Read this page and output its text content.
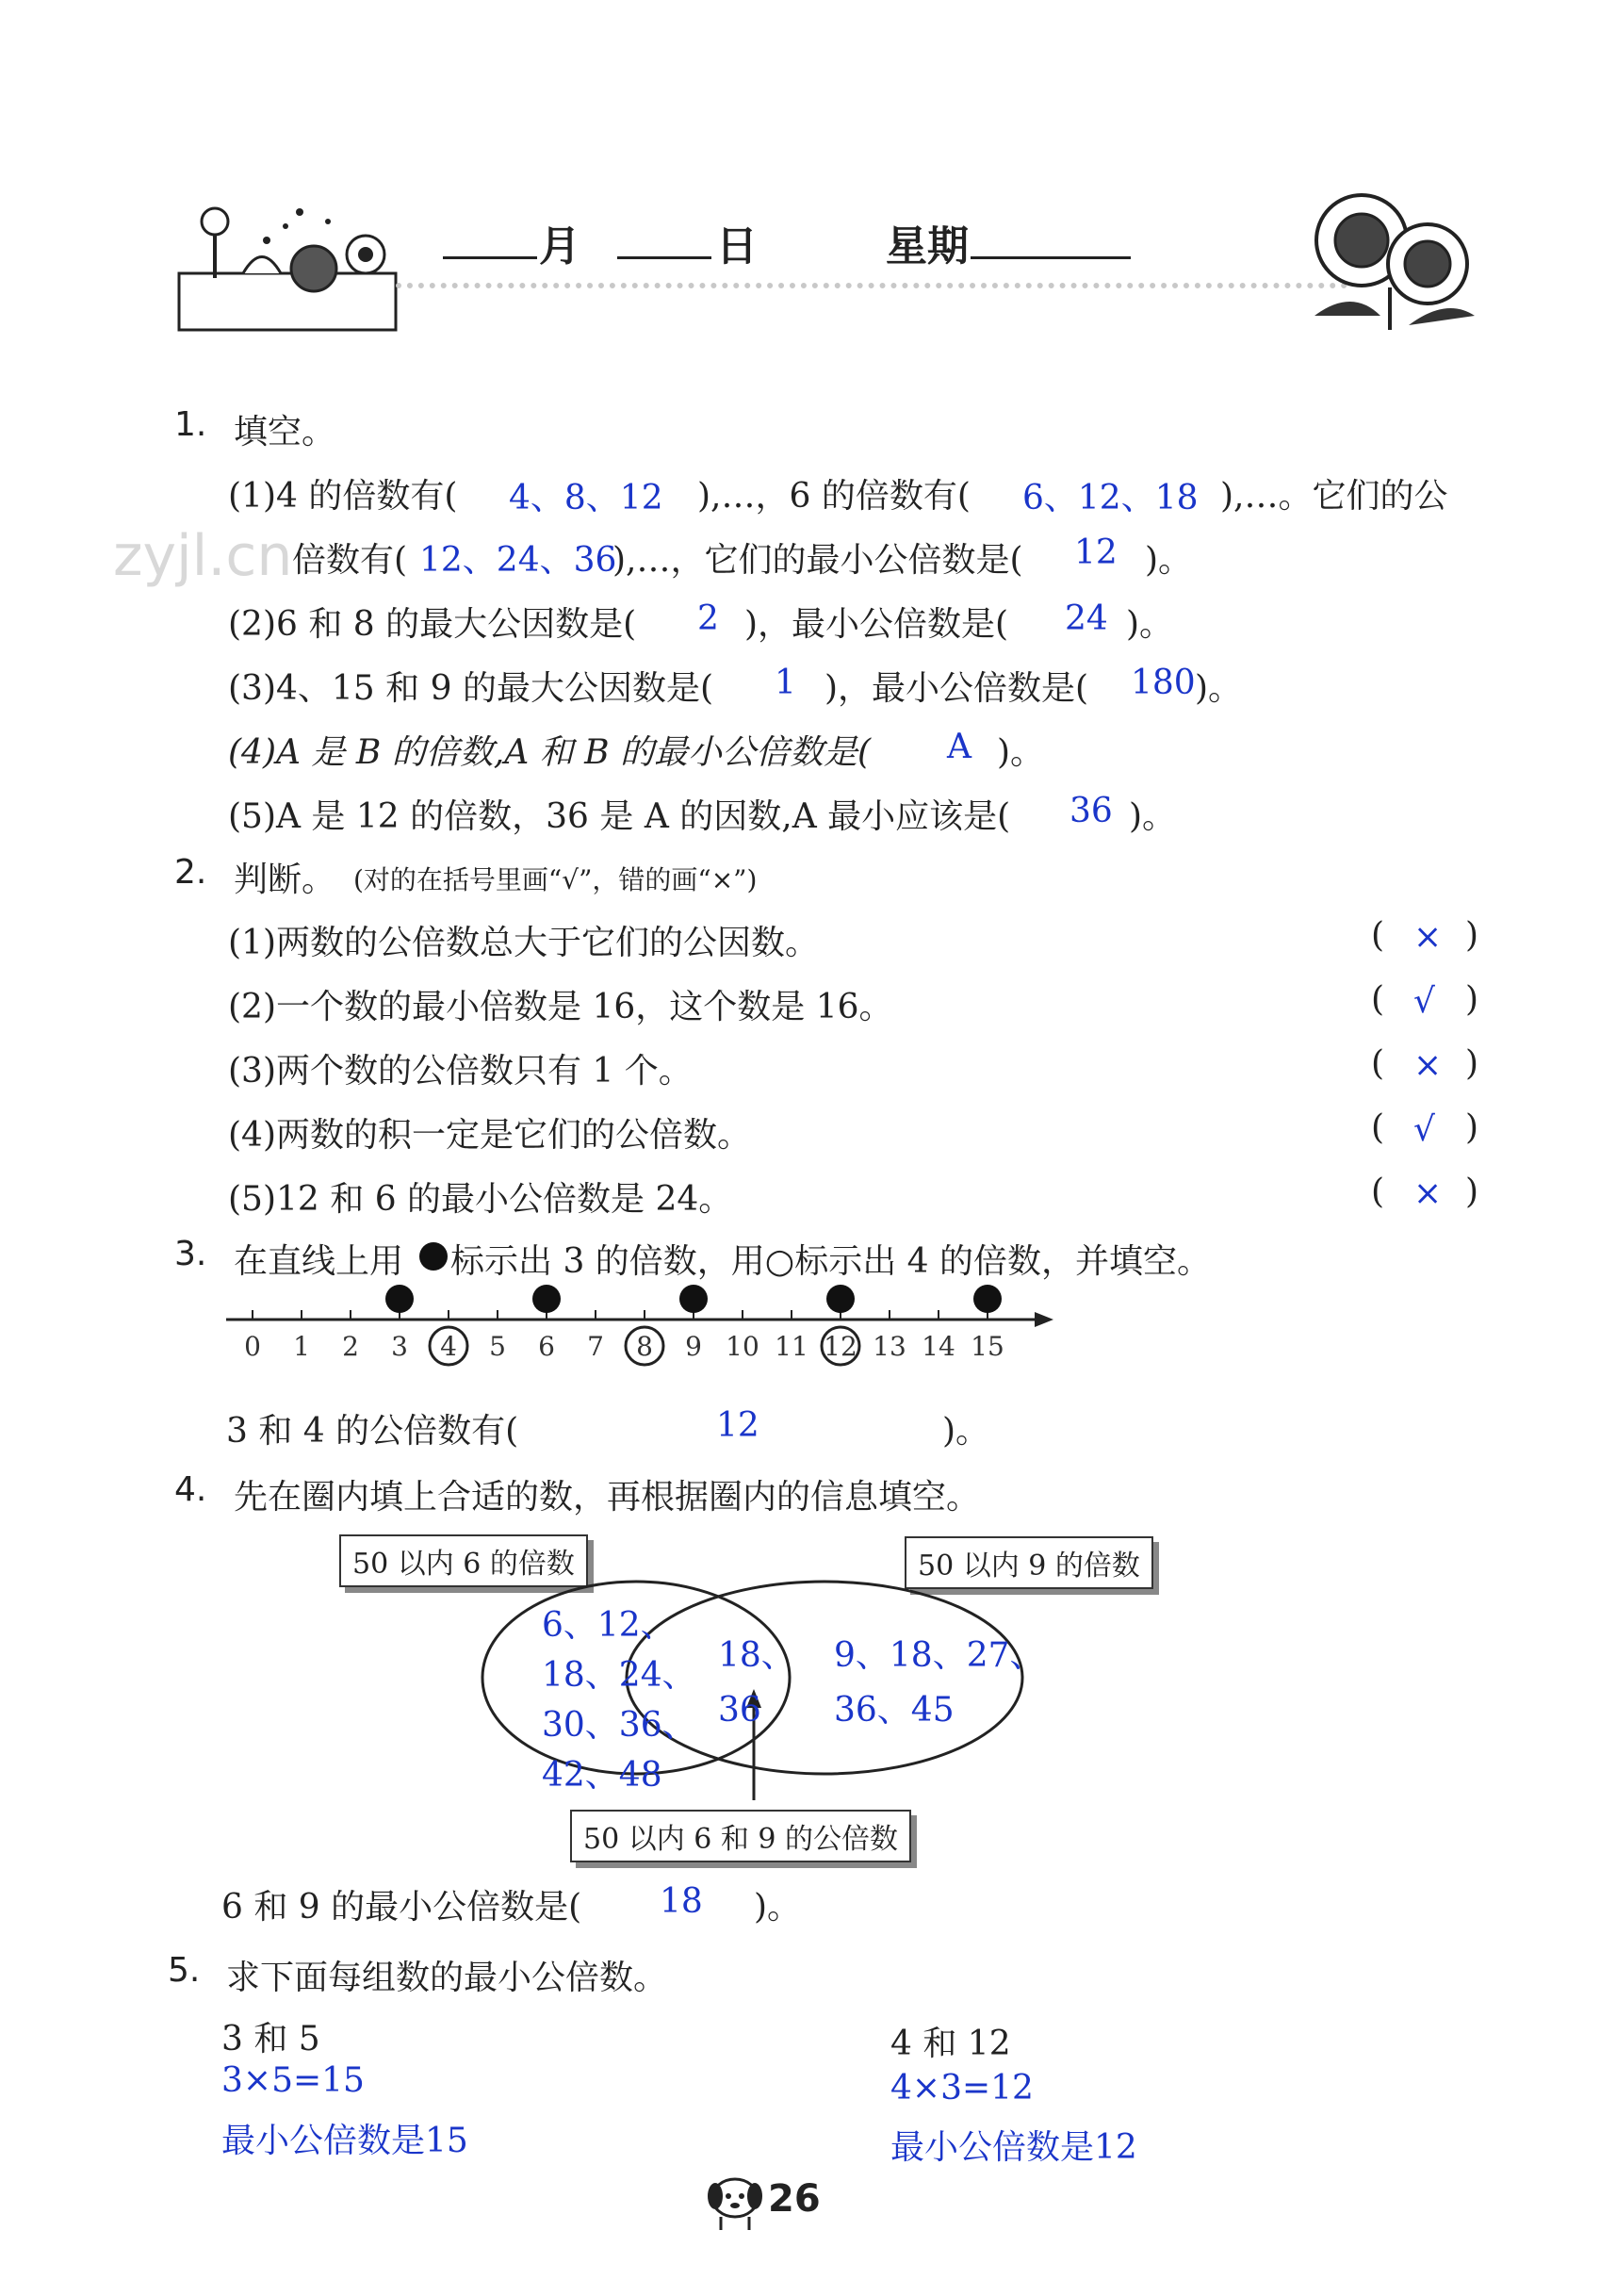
月	日	星期
zyjl.cn
1. 填空。
(1)4 的倍数有( 4、8、12 ),…，6 的倍数有( 6、12、18 ),…。它们的公
倍数有( 12、24、36
),…，它们的最小公倍数是( 12 )。
(2)6 和 8 的最大公因数是( 2 )，最小公倍数是( 24 )。
(3)4、15 和 9 的最大公因数是( 1 )，最小公倍数是( 180 )。
(4)A 是 B 的倍数,A 和 B 的最小公倍数是( A )。
(5)A 是 12 的倍数，36 是 A 的因数,A 最小应该是( 36 )。
2. 判断。 (对的在括号里画“√”，错的画“×”)
(1)两数的公倍数总大于它们的公因数。	( × )
(2)一个数的最小倍数是 16，这个数是 16。	( √ )
(3)两个数的公倍数只有 1 个。	( × )
(4)两数的积一定是它们的公倍数。	( √ )
(5)12 和 6 的最小公倍数是 24。	( × )
3. 在直线上用 标示出 3 的倍数，用○标示出 4 的倍数，并填空。
0 1 2 3 4 5 6 7 8 9 10 11 12 13 14 15
3 和 4 的公倍数有(	12	)。
4. 先在圈内填上合适的数，再根据圈内的信息填空。
50 以内 6 的倍数	50 以内 9 的倍数
6、12、
18、24、
30、36、
42、48
18、
36
9、18、27、
36、45
50 以内 6 和 9 的公倍数
6 和 9 的最小公倍数是( 18 )。
5. 求下面每组数的最小公倍数。
3 和 5
3×5=15
最小公倍数是15
4 和 12
4×3=12
最小公倍数是12
26
